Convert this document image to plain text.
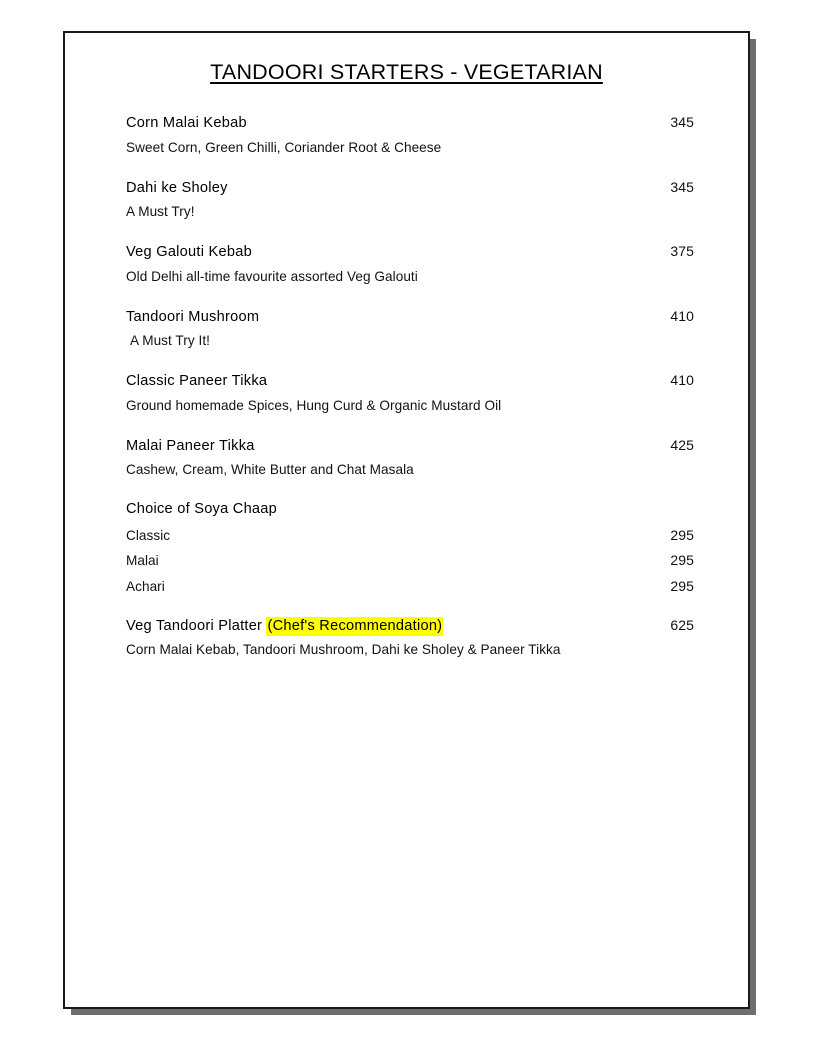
TANDOORI STARTERS - VEGETARIAN
Corn Malai Kebab	345
Sweet Corn, Green Chilli, Coriander Root & Cheese
Dahi ke Sholey	345
A Must Try!
Veg Galouti Kebab	375
Old Delhi all-time favourite assorted Veg Galouti
Tandoori Mushroom	410
A Must Try It!
Classic Paneer Tikka	410
Ground homemade Spices, Hung Curd & Organic Mustard Oil
Malai Paneer Tikka	425
Cashew, Cream, White Butter and Chat Masala
Choice of Soya Chaap
Classic	295
Malai	295
Achari	295
Veg Tandoori Platter (Chef's Recommendation)	625
Corn Malai Kebab, Tandoori Mushroom, Dahi ke Sholey & Paneer Tikka
